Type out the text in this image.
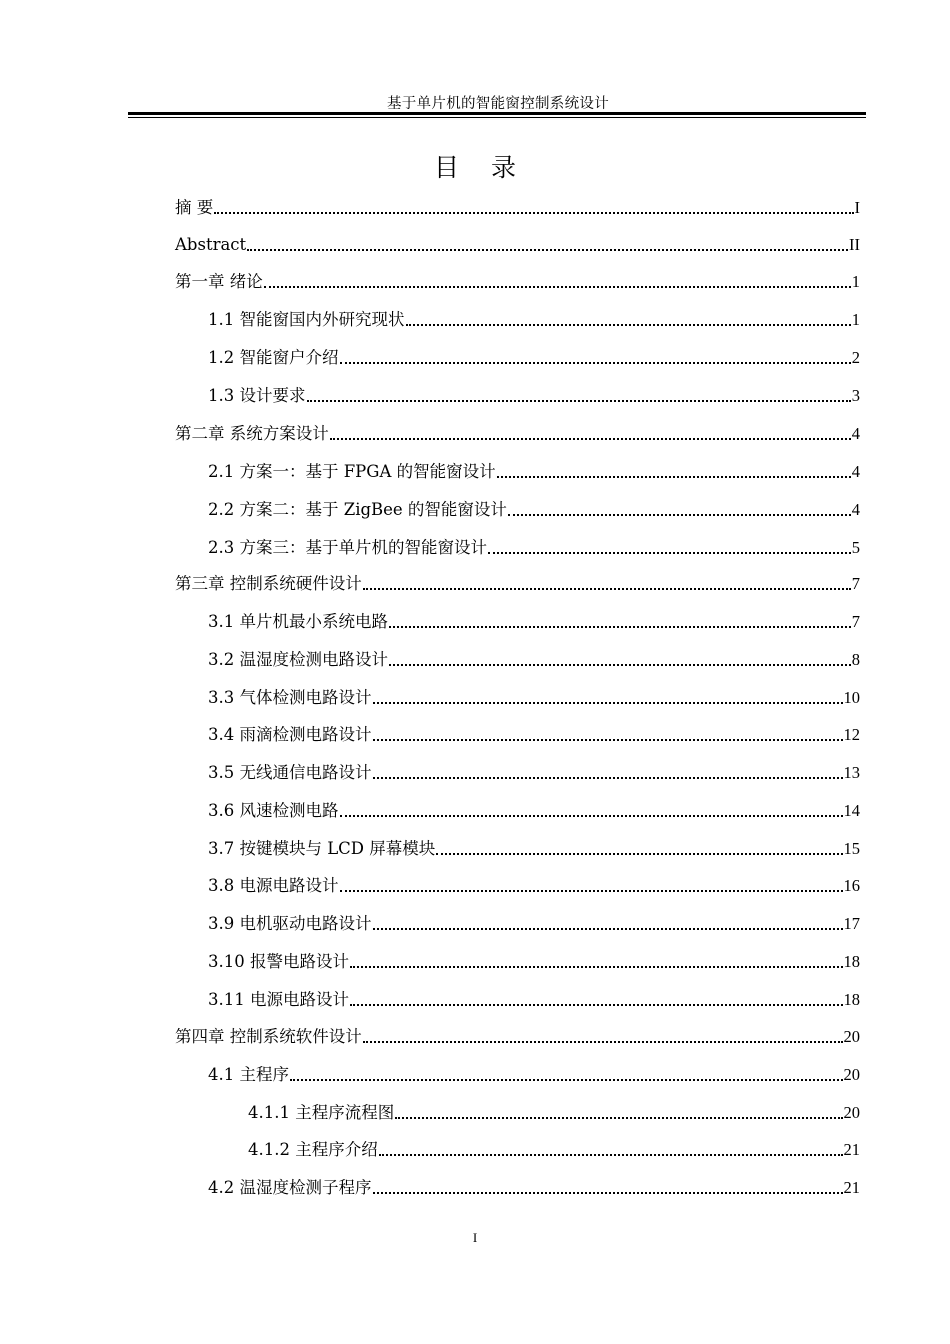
基于单片机的智能窗控制系统设计
目 录
摘 要	I
Abstract	II
第一章 绪论	1
1.1 智能窗国内外研究现状	1
1.2 智能窗户介绍	2
1.3 设计要求	3
第二章 系统方案设计	4
2.1 方案一：基于 FPGA 的智能窗设计	4
2.2 方案二：基于 ZigBee 的智能窗设计	4
2.3 方案三：基于单片机的智能窗设计	5
第三章 控制系统硬件设计	7
3.1 单片机最小系统电路	7
3.2 温湿度检测电路设计	8
3.3 气体检测电路设计	10
3.4 雨滴检测电路设计	12
3.5 无线通信电路设计	13
3.6 风速检测电路	14
3.7 按键模块与 LCD 屏幕模块	15
3.8 电源电路设计	16
3.9 电机驱动电路设计	17
3.10 报警电路设计	18
3.11 电源电路设计	18
第四章 控制系统软件设计	20
4.1 主程序	20
4.1.1 主程序流程图	20
4.1.2 主程序介绍	21
4.2 温湿度检测子程序	21
I
